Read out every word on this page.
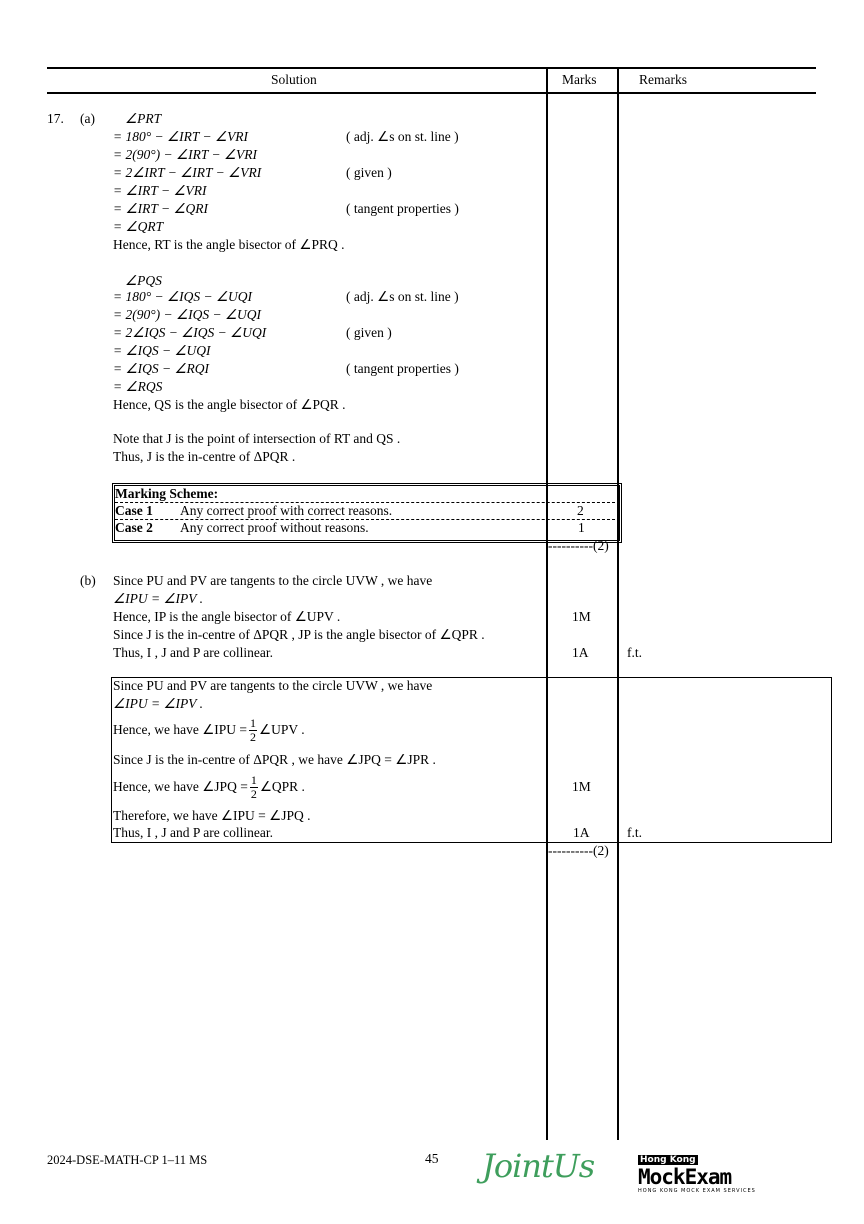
Solution	Marks	Remarks
17. (a) ∠PRT
= 180° − ∠IRT − ∠VRI	( adj. ∠s on st. line )
= 2(90°) − ∠IRT − ∠VRI
= 2∠IRT − ∠IRT − ∠VRI	( given )
= ∠IRT − ∠VRI
= ∠IRT − ∠QRI	( tangent properties )
= ∠QRT
Hence, RT is the angle bisector of ∠PRQ .
∠PQS
= 180° − ∠IQS − ∠UQI	( adj. ∠s on st. line )
= 2(90°) − ∠IQS − ∠UQI
= 2∠IQS − ∠IQS − ∠UQI	( given )
= ∠IQS − ∠UQI
= ∠IQS − ∠RQI	( tangent properties )
= ∠RQS
Hence, QS is the angle bisector of ∠PQR .
Note that J is the point of intersection of RT and QS .
Thus, J is the in-centre of ΔPQR .
Marking Scheme:
Case 1 Any correct proof with correct reasons.	2
Case 2 Any correct proof without reasons.	1
----------(2)
(b) Since PU and PV are tangents to the circle UVW , we have
∠IPU = ∠IPV .
Hence, IP is the angle bisector of ∠UPV .	1M
Since J is the in-centre of ΔPQR , JP is the angle bisector of ∠QPR .
Thus, I , J and P are collinear.	1A	f.t.
Since PU and PV are tangents to the circle UVW , we have
∠IPU = ∠IPV .
Hence, we have ∠IPU = $\frac{1}{2}$ ∠UPV .
Since J is the in-centre of ΔPQR , we have ∠JPQ = ∠JPR .
Hence, we have ∠JPQ = $\frac{1}{2}$ ∠QPR .	1M
Therefore, we have ∠IPU = ∠JPQ .
Thus, I , J and P are collinear.	1A	f.t.
----------(2)
2024-DSE-MATH-CP 1–11 MS	45 JointUs	Hong Kong
MockExam
HONG KONG MOCK EXAM SERVICES
